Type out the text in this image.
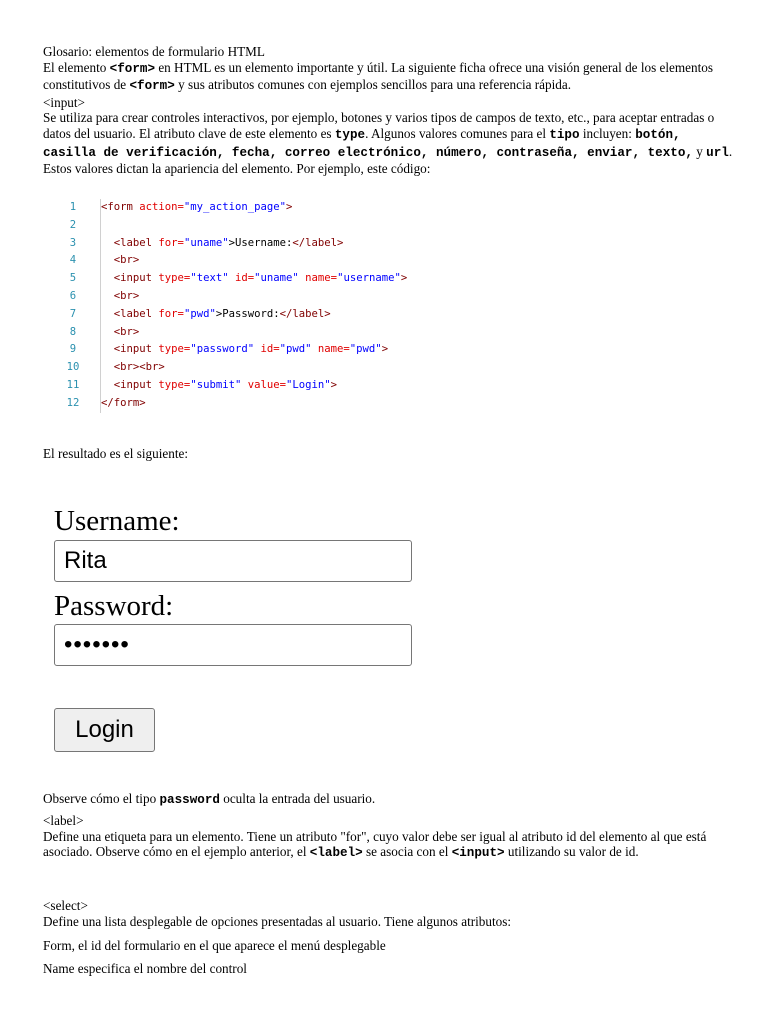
Glosario: elementos de formulario HTML

El elemento <form> en HTML es un elemento importante y útil. La siguiente ficha ofrece una visión general de los elementos constitutivos de <form> y sus atributos comunes con ejemplos sencillos para una referencia rápida.

<input>

Se utiliza para crear controles interactivos, por ejemplo, botones y varios tipos de campos de texto, etc., para aceptar entradas o datos del usuario. El atributo clave de este elemento es type. Algunos valores comunes para el tipo incluyen: botón, casilla de verificación, fecha, correo electrónico, número, contraseña, enviar, texto, y url. Estos valores dictan la apariencia del elemento. Por ejemplo, este código:

1	<form action="my_action_page">
2

3	<label for="uname">Username:</label>
4	<br>
5	<input type="text" id="uname" name="username">
6	<br>
7	<label for="pwd">Password:</label>
8	<br>
9	<input type="password" id="pwd" name="pwd">
10	<br><br>
11	<input type="submit" value="Login">
12	</form>

El resultado es el siguiente:

Username:
Rita
Password:
•••••••
Login

Observe cómo el tipo password oculta la entrada del usuario.

<label>

Define una etiqueta para un elemento. Tiene un atributo "for", cuyo valor debe ser igual al atributo id del elemento al que está asociado. Observe cómo en el ejemplo anterior, el <label> se asocia con el <input> utilizando su valor de id.

<select>

Define una lista desplegable de opciones presentadas al usuario. Tiene algunos atributos:

Form, el id del formulario en el que aparece el menú desplegable

Name especifica el nombre del control
